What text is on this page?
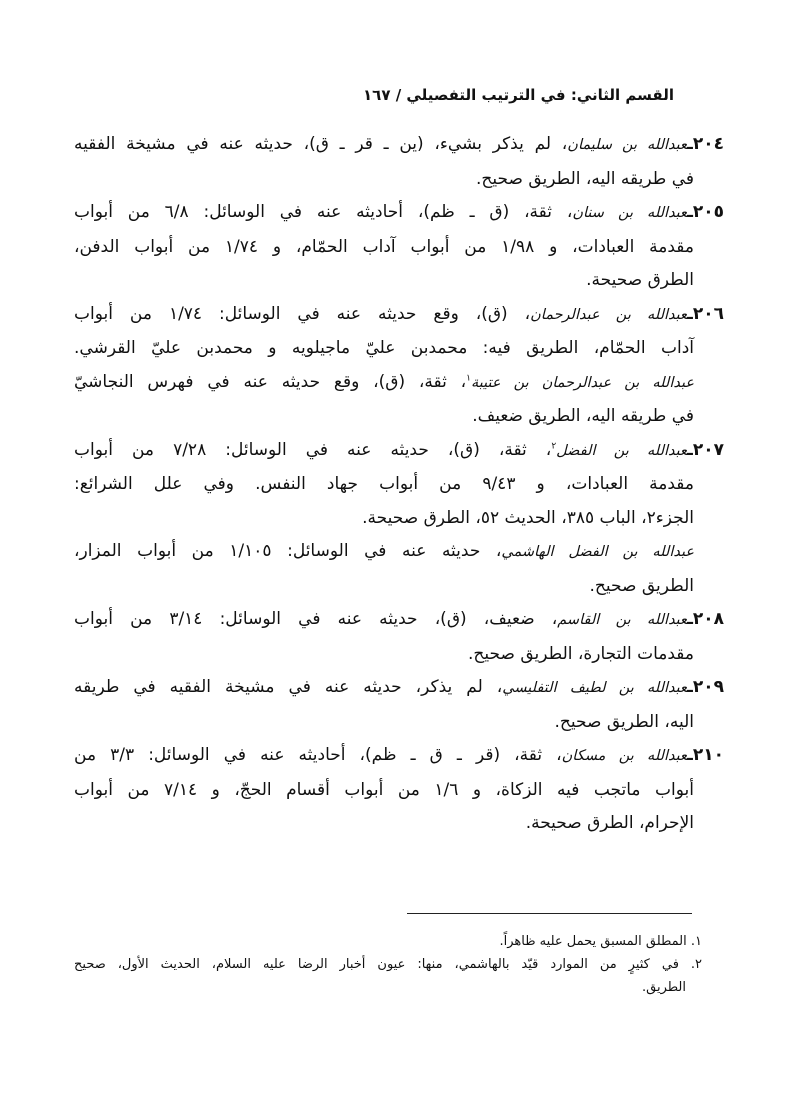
القسم الثاني: في الترتيب التفصيلي / ١٦٧
٢٠٤ـعبدالله بن سليمان، لم يذكر بشيء، (ين ـ قر ـ ق)، حديثه عنه في مشيخة الفقيه
في طريقه اليه، الطريق صحيح.
٢٠٥ـعبدالله بن سنان، ثقة، (ق ـ ظم)، أحاديثه عنه في الوسائل: ٦/٨ من أبواب
مقدمة العبادات، و ١/٩٨ من أبواب آداب الحمّام، و ١/٧٤ من أبواب الدفن،
الطرق صحيحة.
٢٠٦ـعبدالله بن عبدالرحمان، (ق)، وقع حديثه عنه في الوسائل: ١/٧٤ من أبواب
آداب الحمّام، الطريق فيه: محمدبن عليّ ماجيلويه و محمدبن عليّ القرشي.
عبدالله بن عبدالرحمان بن عتيبة$^١$، ثقة، (ق)، وقع حديثه عنه في فهرس النجاشيّ
في طريقه اليه، الطريق ضعيف.
٢٠٧ـعبدالله بن الفضل$^٢$، ثقة، (ق)، حديثه عنه في الوسائل: ٧/٢٨ من أبواب
مقدمة العبادات، و ٩/٤٣ من أبواب جهاد النفس. وفي علل الشرائع:
الجزء٢، الباب ٣٨٥، الحديث ٥٢، الطرق صحيحة.
عبدالله بن الفضل الهاشمي، حديثه عنه في الوسائل: ١/١٠٥ من أبواب المزار،
الطريق صحيح.
٢٠٨ـعبدالله بن القاسم، ضعيف، (ق)، حديثه عنه في الوسائل: ٣/١٤ من أبواب
مقدمات التجارة، الطريق صحيح.
٢٠٩ـعبدالله بن لطيف التفليسي، لم يذكر، حديثه عنه في مشيخة الفقيه في طريقه
اليه، الطريق صحيح.
٢١٠ـعبدالله بن مسكان، ثقة، (قر ـ ق ـ ظم)، أحاديثه عنه في الوسائل: ٣/٣ من
أبواب ماتجب فيه الزكاة، و ١/٦ من أبواب أقسام الحجّ، و ٧/١٤ من أبواب
الإحرام، الطرق صحيحة.
١. المطلق المسبق يحمل عليه ظاهراً.
٢. في كثيرٍ من الموارد قيّد بالهاشمي، منها: عيون أخبار الرضا عليه السلام، الحديث الأول، صحيح
الطريق.
